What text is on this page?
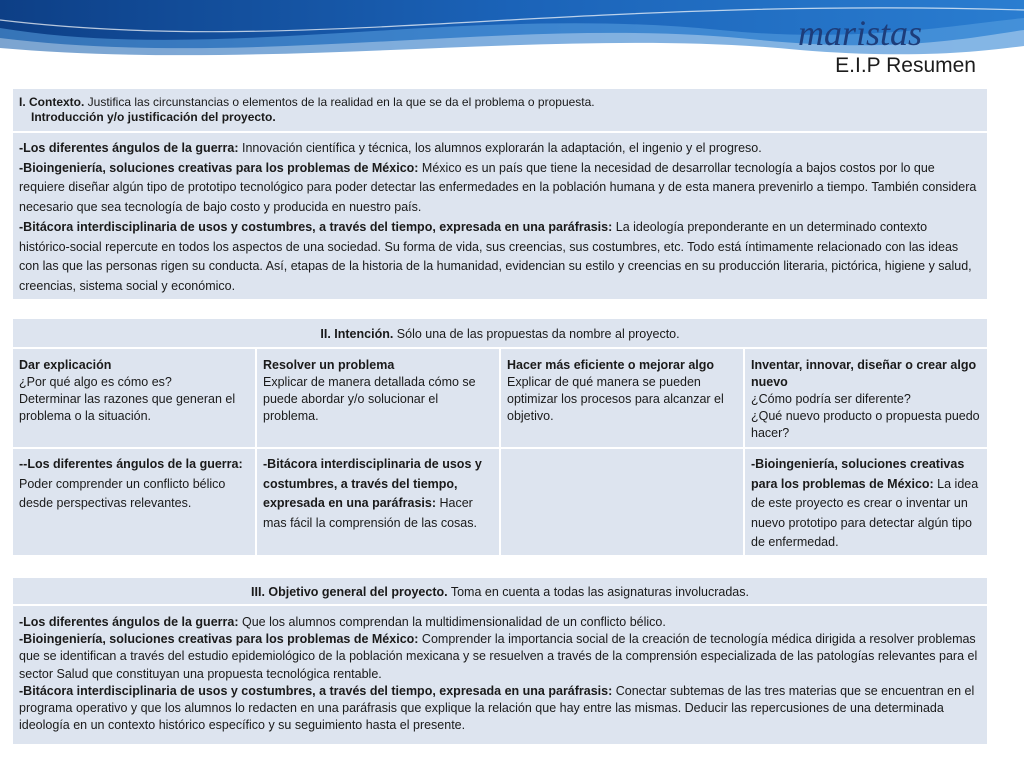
maristas
E.I.P Resumen
I. Contexto. Justifica las circunstancias o elementos de la realidad en la que se da el problema o propuesta.
Introducción y/o justificación del proyecto.
-Los diferentes ángulos de la guerra: Innovación científica y técnica, los alumnos explorarán la adaptación, el ingenio y el progreso.
-Bioingeniería, soluciones creativas para los problemas de México: México es un país que tiene la necesidad de desarrollar tecnología a bajos costos por lo que requiere diseñar algún tipo de prototipo tecnológico para poder detectar las enfermedades en la población humana y de esta manera prevenirlo a tiempo. También considera necesario que sea tecnología de bajo costo y producida en nuestro país.
-Bitácora interdisciplinaria de usos y costumbres, a través del tiempo, expresada en una paráfrasis: La ideología preponderante en un determinado contexto histórico-social repercute en todos los aspectos de una sociedad. Su forma de vida, sus creencias, sus costumbres, etc. Todo está íntimamente relacionado con las ideas con las que las personas rigen su conducta. Así, etapas de la historia de la humanidad, evidencian su estilo y creencias en su producción literaria, pictórica, higiene y salud, creencias, sistema social y económico.
II. Intención. Sólo una de las propuestas da nombre al proyecto.
Dar explicación
¿Por qué algo es cómo es?
Determinar las razones que generan el problema o la situación.
Resolver un problema
Explicar de manera detallada cómo se puede abordar y/o solucionar el problema.
Hacer más eficiente o mejorar algo
Explicar de qué manera se pueden optimizar los procesos para alcanzar el objetivo.
Inventar, innovar, diseñar o crear algo nuevo
¿Cómo podría ser diferente?
¿Qué nuevo producto o propuesta puedo hacer?
--Los diferentes ángulos de la guerra: Poder comprender un conflicto bélico desde perspectivas relevantes.
-Bitácora interdisciplinaria de usos y costumbres, a través del tiempo, expresada en una paráfrasis: Hacer mas fácil la comprensión de las cosas.
-Bioingeniería, soluciones creativas para los problemas de México: La idea de este proyecto es crear o inventar un nuevo prototipo para detectar algún tipo de enfermedad.
III. Objetivo general del proyecto. Toma en cuenta a todas las asignaturas involucradas.
-Los diferentes ángulos de la guerra: Que los alumnos comprendan la multidimensionalidad de un conflicto bélico.
-Bioingeniería, soluciones creativas para los problemas de México: Comprender la importancia social de la creación de tecnología médica dirigida a resolver problemas que se identifican a través del estudio epidemiológico de la población mexicana y se resuelven a través de la comprensión especializada de las patologías relevantes para el sector Salud que constituyan una propuesta tecnológica rentable.
-Bitácora interdisciplinaria de usos y costumbres, a través del tiempo, expresada en una paráfrasis: Conectar subtemas de las tres materias que se encuentran en el programa operativo y que los alumnos lo redacten en una paráfrasis que explique la relación que hay entre las mismas. Deducir las repercusiones de una determinada ideología en un contexto histórico específico y su seguimiento hasta el presente.
